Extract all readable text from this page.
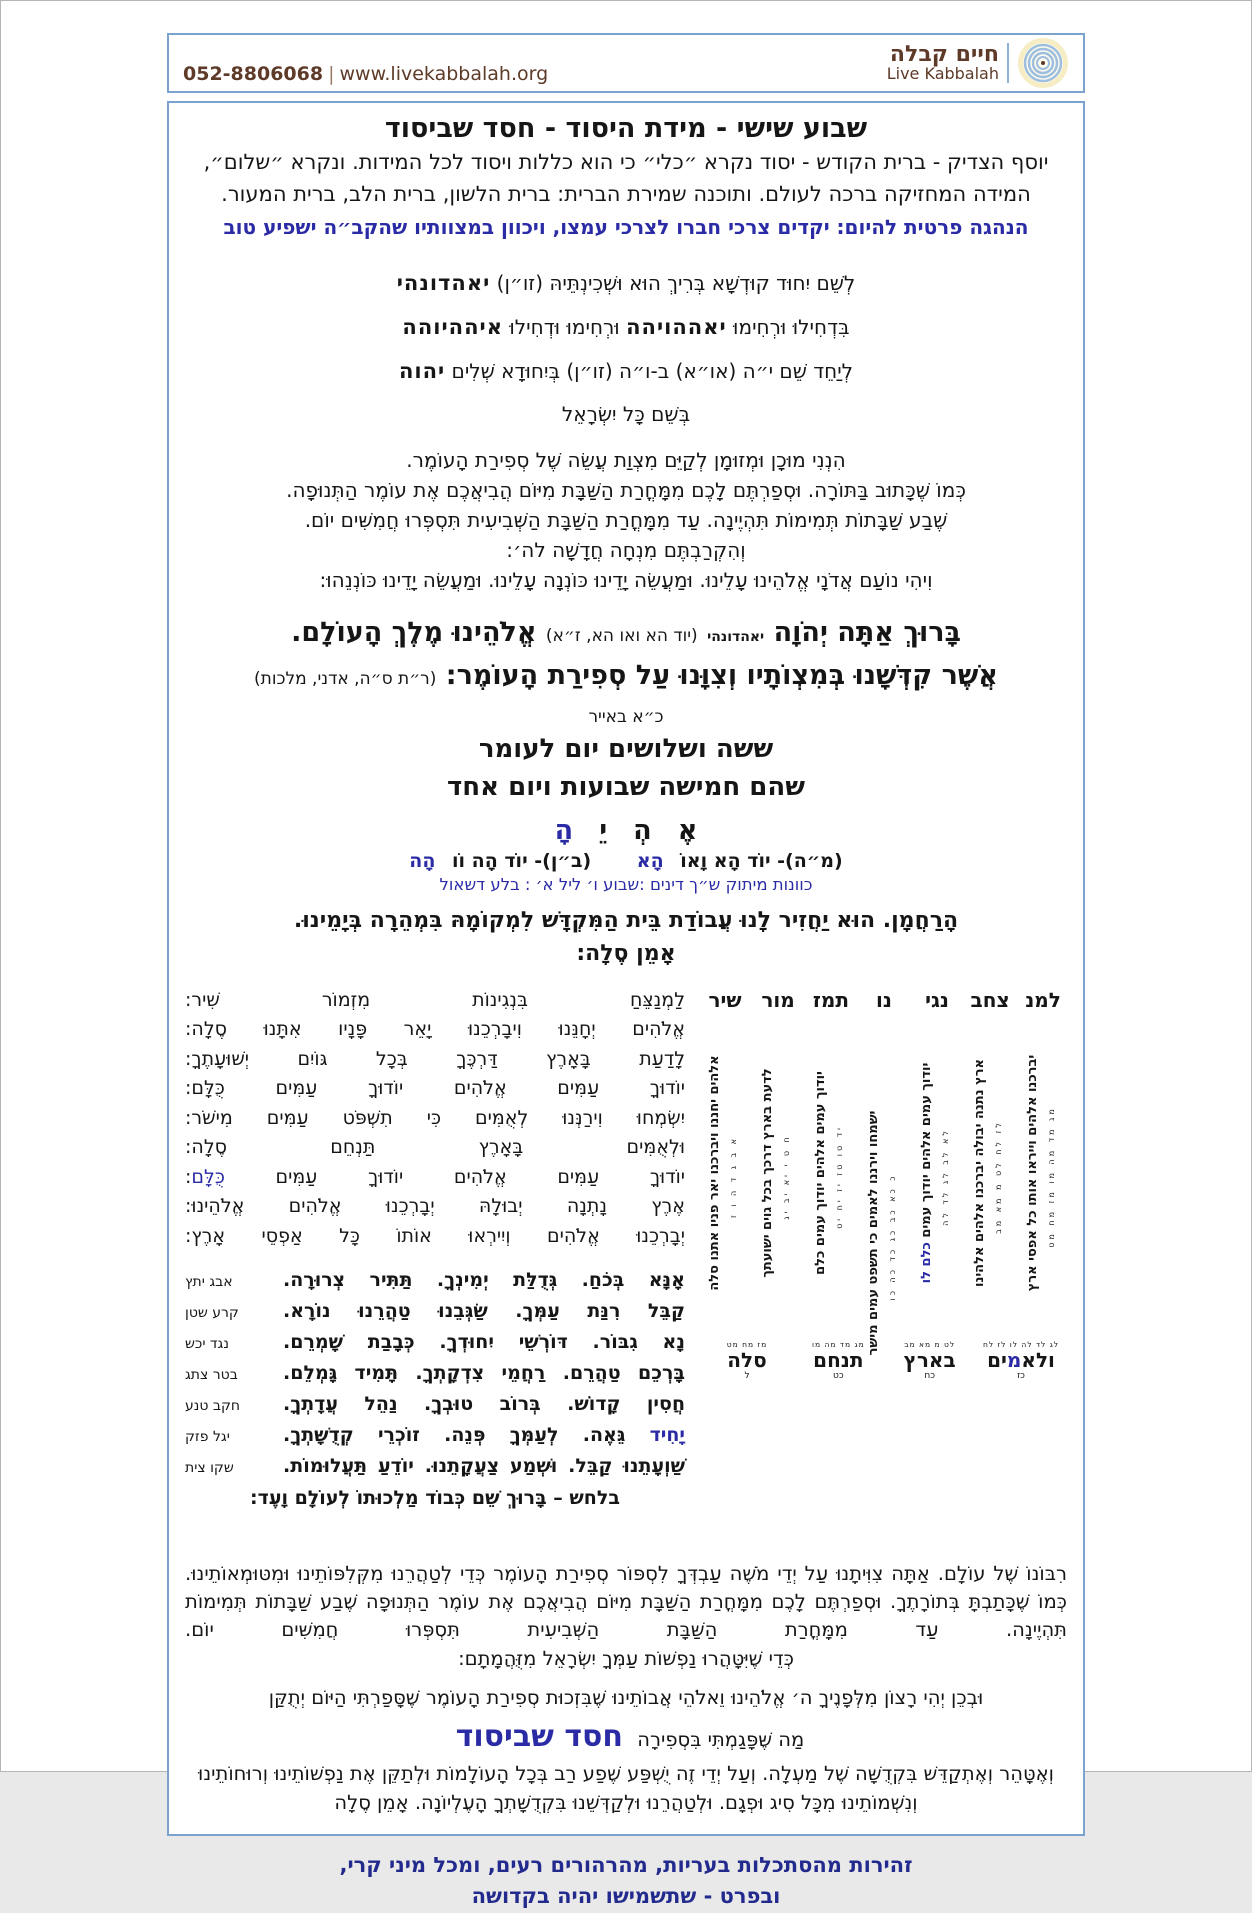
052-8806068 | www.livekabbalah.org
חיים קבלה
Live Kabbalah
שבוע שישי - מידת היסוד - חסד שביסוד
יוסף הצדיק - ברית הקודש - יסוד נקרא ״כלי״ כי הוא כללות ויסוד לכל המידות. ונקרא ״שלום״,
המידה המחזיקה ברכה לעולם. ותוכנה שמירת הברית: ברית הלשון, ברית הלב, ברית המעור.
הנהגה פרטית להיום: יקדים צרכי חברו לצרכי עמצו, ויכוון במצוותיו שהקב״ה ישפיע טוב
לְשֵׁם יִחוּד קוּדְשָׁא בְּרִיךְ הוּא וּשְׁכִינְתֵּיהּ (זו״ן) יאהדונהי
בִּדְחִילוּ וּרְחִימוּ יאההויהה וּרְחִימוּ וּדְחִילוּ איההיוהה
לְיַחֵד שֵׁם י״ה (או״א) ב-ו״ה (זו״ן) בְּיִחוּדָא שְׁלִים יהוה
בְּשֵׁם כָּל יִשְׂרָאֵל
הִנְנִי מוּכָן וּמְזוּמָן לְקַיֵּם מִצְוַת עֲשֵׂה שֶׁל סְפִירַת הָעוֹמֶר.
כְּמוֹ שֶׁכָּתוּב בַּתּוֹרָה. וּסְפַרְתֶּם לָכֶם מִמָּחֳרַת הַשַּׁבָּת מִיּוֹם הֲבִיאֲכֶם אֶת עוֹמֶר הַתְּנוּפָה.
שֶׁבַע שַׁבָּתוֹת תְּמִימוֹת תִּהְיֶינָה. עַד מִמָּחֳרַת הַשַּׁבָּת הַשְּׁבִיעִית תִּסְפְּרוּ חֲמִשִּׁים יוֹם.
וְהִקְרַבְתֶּם מִנְחָה חֲדָשָׁה לה׳:
וִיהִי נוֹעַם אֲדֹנָי אֱלֹהֵינוּ עָלֵינוּ. וּמַעֲשֵׂה יָדֵינוּ כּוֹנְנָה עָלֵינוּ. וּמַעֲשֵׂה יָדֵינוּ כּוֹנְנֵהוּ:
בָּרוּךְ אַתָּה יְהֹוָה יאהדונהי (יוד הא ואו הא, ז״א) אֱלֹהֵינוּ מֶלֶךְ הָעוֹלָם.
אֲשֶׁר קִדְּשָׁנוּ בְּמִצְוֹתָיו וְצִוָּנוּ עַל סְפִירַת הָעוֹמֶר: (ר״ת ס״ה, אדני, מלכות)
כ״א באייר
ששה ושלושים יום לעומר
שהם חמישה שבועות ויום אחד
אֶהְיֵהָ
(מ״ה)- יוֹד הָא וָאוֹ הָא (ב״ן)- יוֹד הָה וֹו הָה
כוונות מיתוק ש״ך דינים :שבוע ו׳ ליל א׳ : בלע דשאול
הָרַחֲמָן. הוּא יַחֲזִיר לָנוּ עֲבוֹדַת בֵּית הַמִּקְדָּשׁ לִמְקוֹמָהּ בִּמְהֵרָה בְּיָמֵינוּ.
אָמֵן סֶלָה:
למנ
יברכנו אלהים וייראו אותו כל אפסי ארץ מג מד מה מו מז מח מט
צחב
ארץ נתנה יבולה יברכנו אלהים אלהינו לז לח לט מ מא מב
נגי
יודוך עמים אלהים יודוך עמים כלם לו
לא לב לג לד לה
נו
ישמחו וירננו לאמים כי תשפט עמים מישר כ כא כב כג כד כה כו
תמז
יודוך עמים אלהים יודוך עמים כלם יד טו טז יז יח יט
מור
לדעת בארץ דרכך בכל גוים ישועתך ח ט י יא יב יג
שיר
אלהים יחננו ויברכנו יאר פניו אתנו סלה א ב ג ד ה ו ז
לג לד לה לו לז לח
ולאמים
כז
לט מ מא מב
בארץ
כח
מג מד מה מו
תנחם
כט
מז מח מט
סלה
ל
לַמְנַצֵּחַ בִּנְגִינוֹת מִזְמוֹר שִׁיר:
אֱלֹהִים יְחָנֵּנוּ וִיבָרְכֵנוּ יָאֵר פָּנָיו אִתָּנוּ סֶלָה:
לָדַעַת בָּאָרֶץ דַּרְכֶּךָ בְּכָל גּוֹיִם יְשׁוּעָתֶךָ:
יוֹדוּךָ עַמִּים אֱלֹהִים יוֹדוּךָ עַמִּים כֻּלָּם:
יִשְׂמְחוּ וִירַנְּנוּ לְאֻמִּים כִּי תִשְׁפֹּט עַמִּים מִישֹׁר:
וּלְאֻמִּים בָּאָרֶץ תַּנְחֵם סֶלָה:
יוֹדוּךָ עַמִּים אֱלֹהִים יוֹדוּךָ עַמִּים כֻּלָּם:
אֶרֶץ נָתְנָה יְבוּלָהּ יְבָרְכֵנוּ אֱלֹהִים אֱלֹהֵינוּ:
יְבָרְכֵנוּ אֱלֹהִים וְיִירְאוּ אוֹתוֹ כָּל אַפְסֵי אָרֶץ:
אָנָּא בְּכֹחַ. גְּדֻלַּת יְמִינְךָ. תַּתִּיר צְרוּרָה.
אבג יתץ
קַבֵּל רִנַּת עַמְּךָ. שַׂגְּבֵנוּ טַהֲרֵנוּ נוֹרָא.
קרע שטן
נָא גִבּוֹר. דּוֹרְשֵׁי יִחוּדְךָ. כְּבָבַת שָׁמְרֵם.
נגד יכש
בָּרְכֵם טַהֲרֵם. רַחֲמֵי צִדְקָתְךָ. תָּמִיד גָּמְלֵם.
בטר צתג
חֲסִין קָדוֹשׁ. בְּרוֹב טוּבְךָ. נַהֵל עֲדָתְךָ.
חקב טנע
יָחִיד גֵּאֶה. לְעַמְּךָ פְּנֵה. זוֹכְרֵי קְדֻשָּׁתְךָ.
יגל פזק
שַׁוְעָתֵנוּ קַבֵּל. וּשְׁמַע צַעֲקָתֵנוּ. יוֹדֵעַ תַּעֲלוּמוֹת.
שקו צית
בלחש – בָּרוּךְ שֵׁם כְּבוֹד מַלְכוּתוֹ לְעוֹלָם וָעֶד:
רִבּוֹנוֹ שֶׁל עוֹלָם. אַתָּה צִוִּיתָנוּ עַל יְדֵי מֹשֶׁה עַבְדְּךָ לִסְפּוֹר סְפִירַת הָעוֹמֶר כְּדֵי לְטַהֲרֵנוּ מִקְּלִפּוֹתֵינוּ וּמִטּוּמְאוֹתֵינוּ. כְּמוֹ שֶׁכָּתַבְתָּ בְּתוֹרָתֶךָ. וּסְפַרְתֶּם לָכֶם מִמָּחֳרַת הַשַּׁבָּת מִיּוֹם הֲבִיאֲכֶם אֶת עוֹמֶר הַתְּנוּפָה שֶׁבַע שַׁבָּתוֹת תְּמִימוֹת תִּהְיֶינָה. עַד מִמָּחֳרַת הַשַּׁבָּת הַשְּׁבִיעִית תִּסְפְּרוּ חֲמִשִּׁים יוֹם.
כְּדֵי שֶׁיִּטָּהֲרוּ נַפְשׁוֹת עַמְּךָ יִשְׂרָאֵל מִזֻּהֲמָתָם:
וּבְכֵן יְהִי רָצוֹן מִלְּפָנֶיךָ ה׳ אֱלֹהֵינוּ וֵאלֹהֵי אֲבוֹתֵינוּ שֶׁבִּזְכוּת סְפִירַת הָעוֹמֶר שֶׁסָּפַרְתִּי הַיּוֹם יְתֻקַּן
מַה שֶּׁפָּגַמְתִּי בִּסְפִירָה חסד שביסוד
וְאֶטָּהֵר וְאֶתְקַדֵּשׁ בִּקְדֻשָּׁה שֶׁל מַעְלָה. וְעַל יְדֵי זֶה יֻשְׁפַּע שֶׁפַע רַב בְּכָל הָעוֹלָמוֹת וּלְתַקֵּן אֶת נַפְשׁוֹתֵינוּ וְרוּחוֹתֵינוּ וְנִשְׁמוֹתֵינוּ מִכָּל סִיג וּפְגָם. וּלְטַהֲרֵנוּ וּלְקַדְּשֵׁנוּ בִּקְדֻשָּׁתְךָ הָעֶלְיוֹנָה. אָמֵן סֶלָה
זהירות מהסתכלות בעריות, מהרהורים רעים, ומכל מיני קרי,
ובפרט - שתשמישו יהיה בקדושה
